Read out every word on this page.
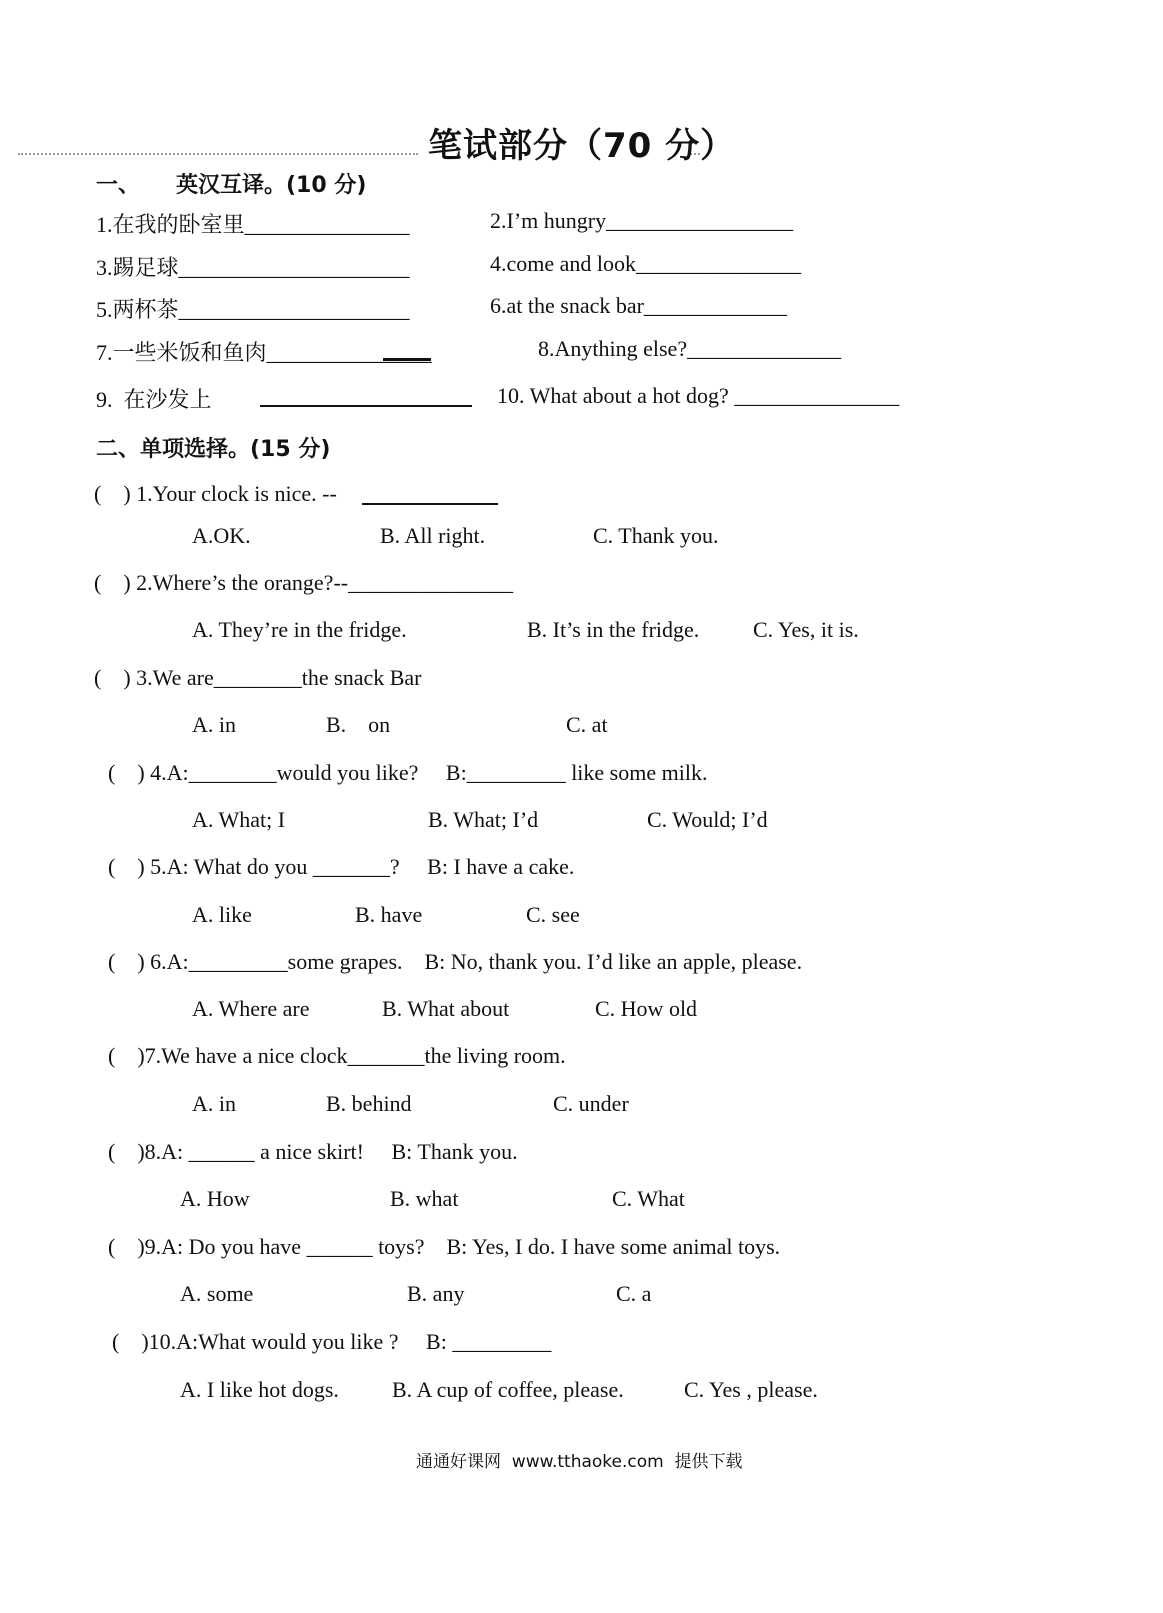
笔试部分（70 分）
一、 英汉互译。(10 分)
1.在我的卧室里_______________	2.I’m hungry_________________
3.踢足球_____________________	4.come and look_______________
5.两杯茶_____________________	6.at the snack bar_____________
7.一些米饭和鱼肉_______________	8.Anything else?______________
9.  在沙发上	10. What about a hot dog? _______________
二、单项选择。(15 分)
(    ) 1.Your clock is nice. --
A.OK.	B. All right.	C. Thank you.
(    ) 2.Where’s the orange?--_______________
A. They’re in the fridge.	B. It’s in the fridge. C. Yes, it is.
(    ) 3.We are________the snack Bar
A. in	B.    on	C. at
(    ) 4.A:________would you like?     B:_________ like some milk.
A. What; I	B. What; I’d	C. Would; I’d
(    ) 5.A: What do you _______?     B: I have a cake.
A. like	B. have	C. see
(    ) 6.A:_________some grapes.    B: No, thank you. I’d like an apple, please.
A. Where are	B. What about	C. How old
(    )7.We have a nice clock_______the living room.
A. in	B. behind	C. under
(    )8.A: ______ a nice skirt!     B: Thank you.
A. How	B. what	C. What
(    )9.A: Do you have ______ toys?    B: Yes, I do. I have some animal toys.
A. some	B. any	C. a
(    )10.A:What would you like ?     B: _________
A. I like hot dogs. B. A cup of coffee, please.	C. Yes , please.
通通好课网  www.tthaoke.com  提供下载
